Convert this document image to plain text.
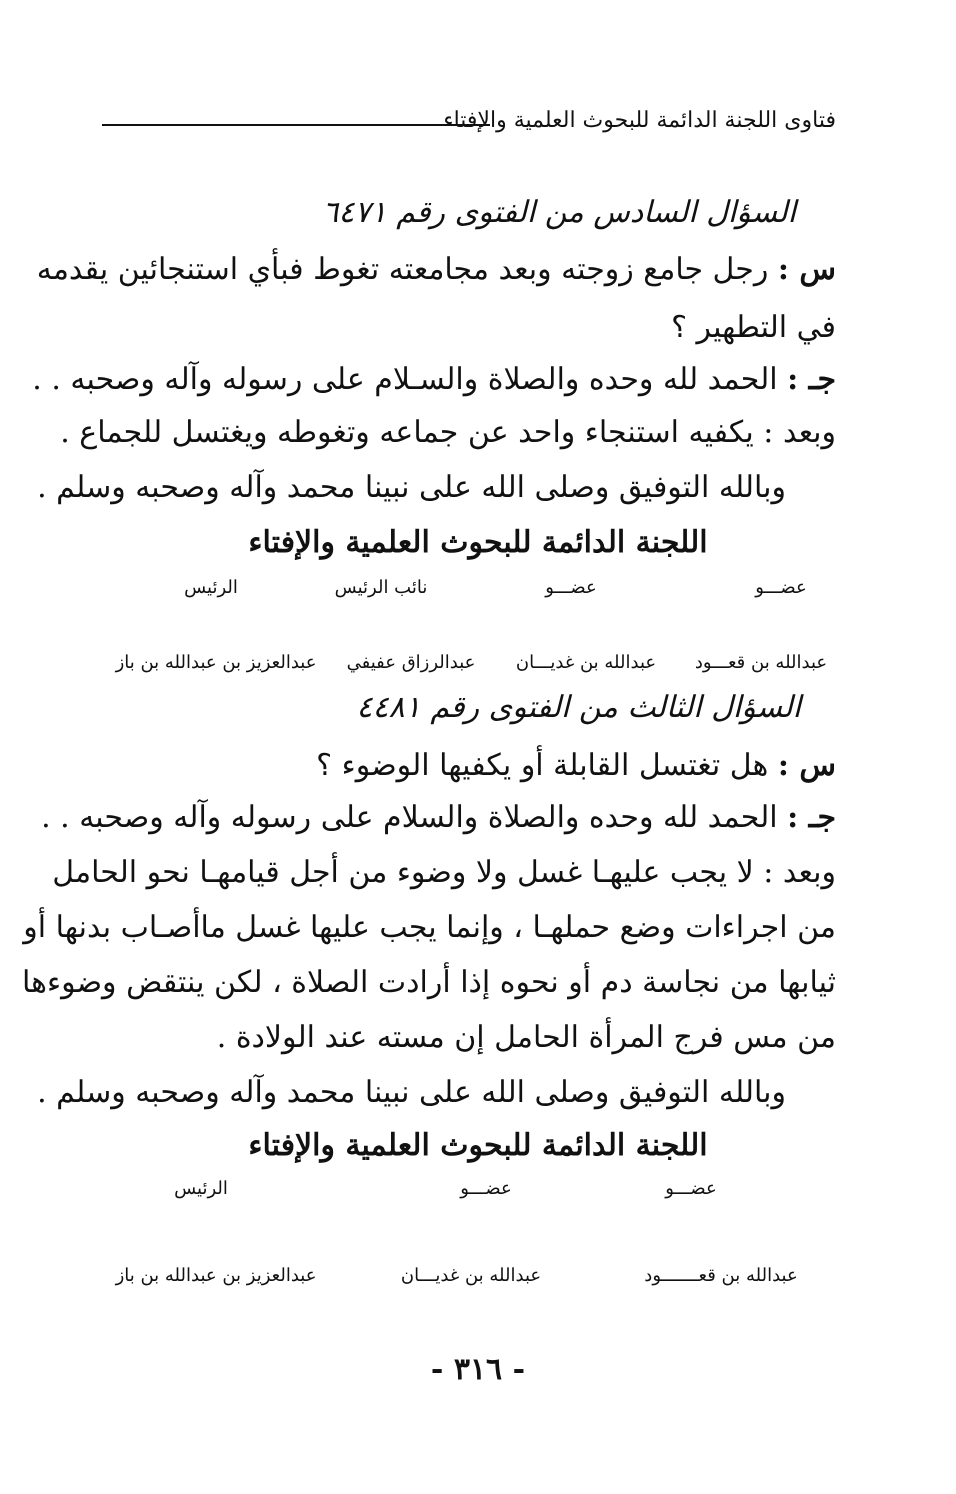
فتاوى اللجنة الدائمة للبحوث العلمية والإفتاء
السؤال السادس من الفتوى رقم ٦٤٧١
س : رجل جامع زوجته وبعد مجامعته تغوط فبأي استنجائين يقدمه
في التطهير ؟
جـ : الحمد لله وحده والصلاة والسـلام على رسوله وآله وصحبه . .
وبعد : يكفيه استنجاء واحد عن جماعه وتغوطه ويغتسل للجماع .
وبالله التوفيق وصلى الله على نبينا محمد وآله وصحبه وسلم .
اللجنة الدائمة للبحوث العلمية والإفتاء
عضـــو
عضـــو
نائب الرئيس
الرئيس
عبدالله بن قعـــود
عبدالله بن غديـــان
عبدالرزاق عفيفي
عبدالعزيز بن عبدالله بن باز
السؤال الثالث من الفتوى رقم ٤٤٨١
س : هل تغتسل القابلة أو يكفيها الوضوء ؟
جـ : الحمد لله وحده والصلاة والسلام على رسوله وآله وصحبه . .
وبعد : لا يجب عليهـا غسل ولا وضوء من أجل قيامهـا نحو الحامل
من اجراءات وضع حملهـا ، وإنما يجب عليها غسل ماأصـاب بدنها أو
ثيابها من نجاسة دم أو نحوه إذا أرادت الصلاة ، لكن ينتقض وضوءها
من مس فرج المرأة الحامل إن مسته عند الولادة .
وبالله التوفيق وصلى الله على نبينا محمد وآله وصحبه وسلم .
اللجنة الدائمة للبحوث العلمية والإفتاء
عضـــو
عضـــو
الرئيس
عبدالله بن قعـــــــود
عبدالله بن غديـــان
عبدالعزيز بن عبدالله بن باز
- ٣١٦ -
